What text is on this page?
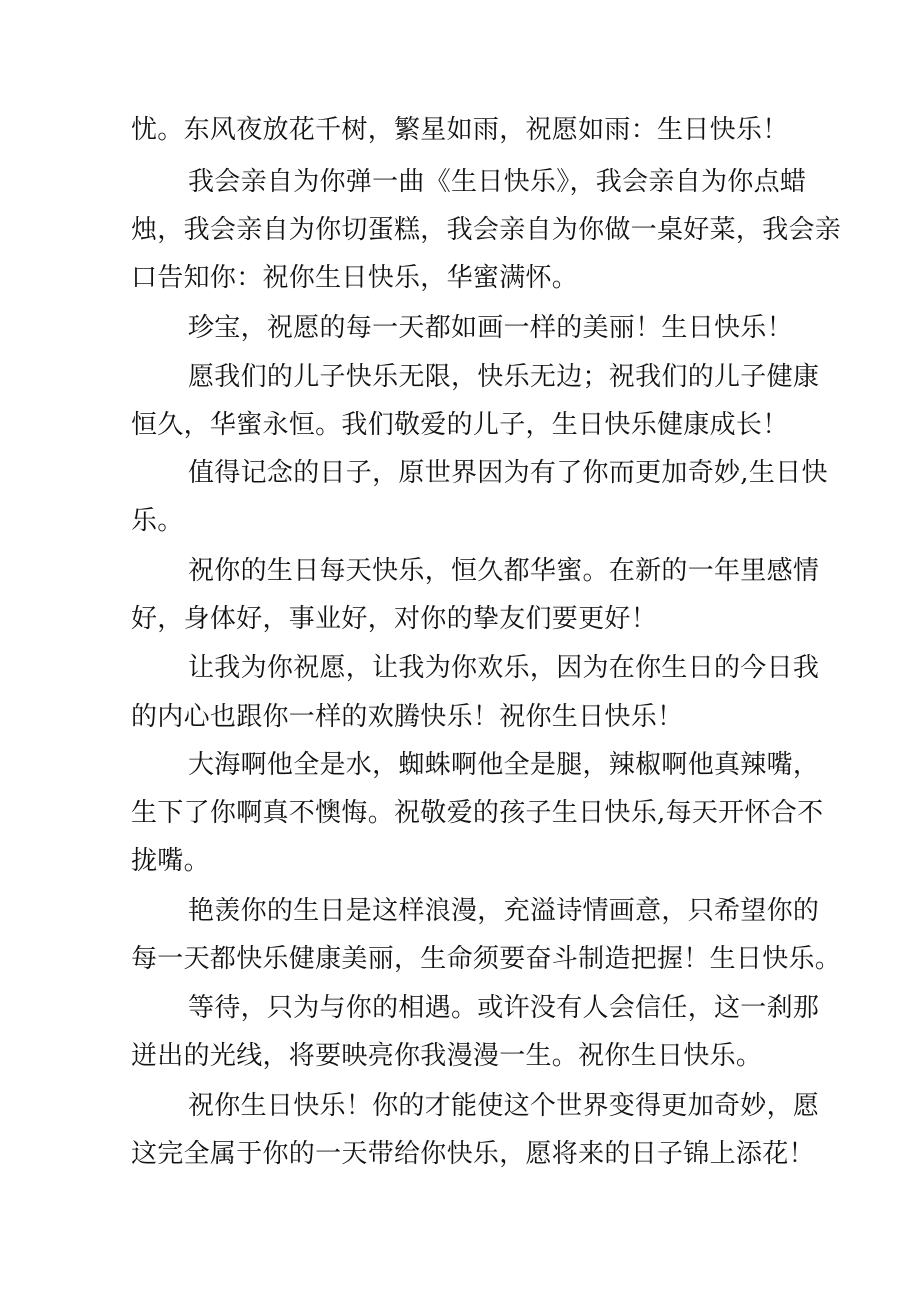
忧。东风夜放花千树，繁星如雨，祝愿如雨：生日快乐！

我会亲自为你弹一曲《生日快乐》，我会亲自为你点蜡

烛，我会亲自为你切蛋糕，我会亲自为你做一桌好菜，我会亲

口告知你：祝你生日快乐，华蜜满怀。

珍宝，祝愿的每一天都如画一样的美丽！生日快乐！

愿我们的儿子快乐无限，快乐无边；祝我们的儿子健康

恒久，华蜜永恒。我们敬爱的儿子，生日快乐健康成长！

值得记念的日子，原世界因为有了你而更加奇妙,生日快

乐。

祝你的生日每天快乐，恒久都华蜜。在新的一年里感情

好，身体好，事业好，对你的挚友们要更好！

让我为你祝愿，让我为你欢乐，因为在你生日的今日我

的内心也跟你一样的欢腾快乐！祝你生日快乐！

大海啊他全是水，蜘蛛啊他全是腿，辣椒啊他真辣嘴，

生下了你啊真不懊悔。祝敬爱的孩子生日快乐,每天开怀合不

拢嘴。

艳羡你的生日是这样浪漫，充溢诗情画意，只希望你的

每一天都快乐健康美丽，生命须要奋斗制造把握！生日快乐。

等待，只为与你的相遇。或许没有人会信任，这一刹那

迸出的光线，将要映亮你我漫漫一生。祝你生日快乐。

祝你生日快乐！你的才能使这个世界变得更加奇妙，愿

这完全属于你的一天带给你快乐，愿将来的日子锦上添花！
